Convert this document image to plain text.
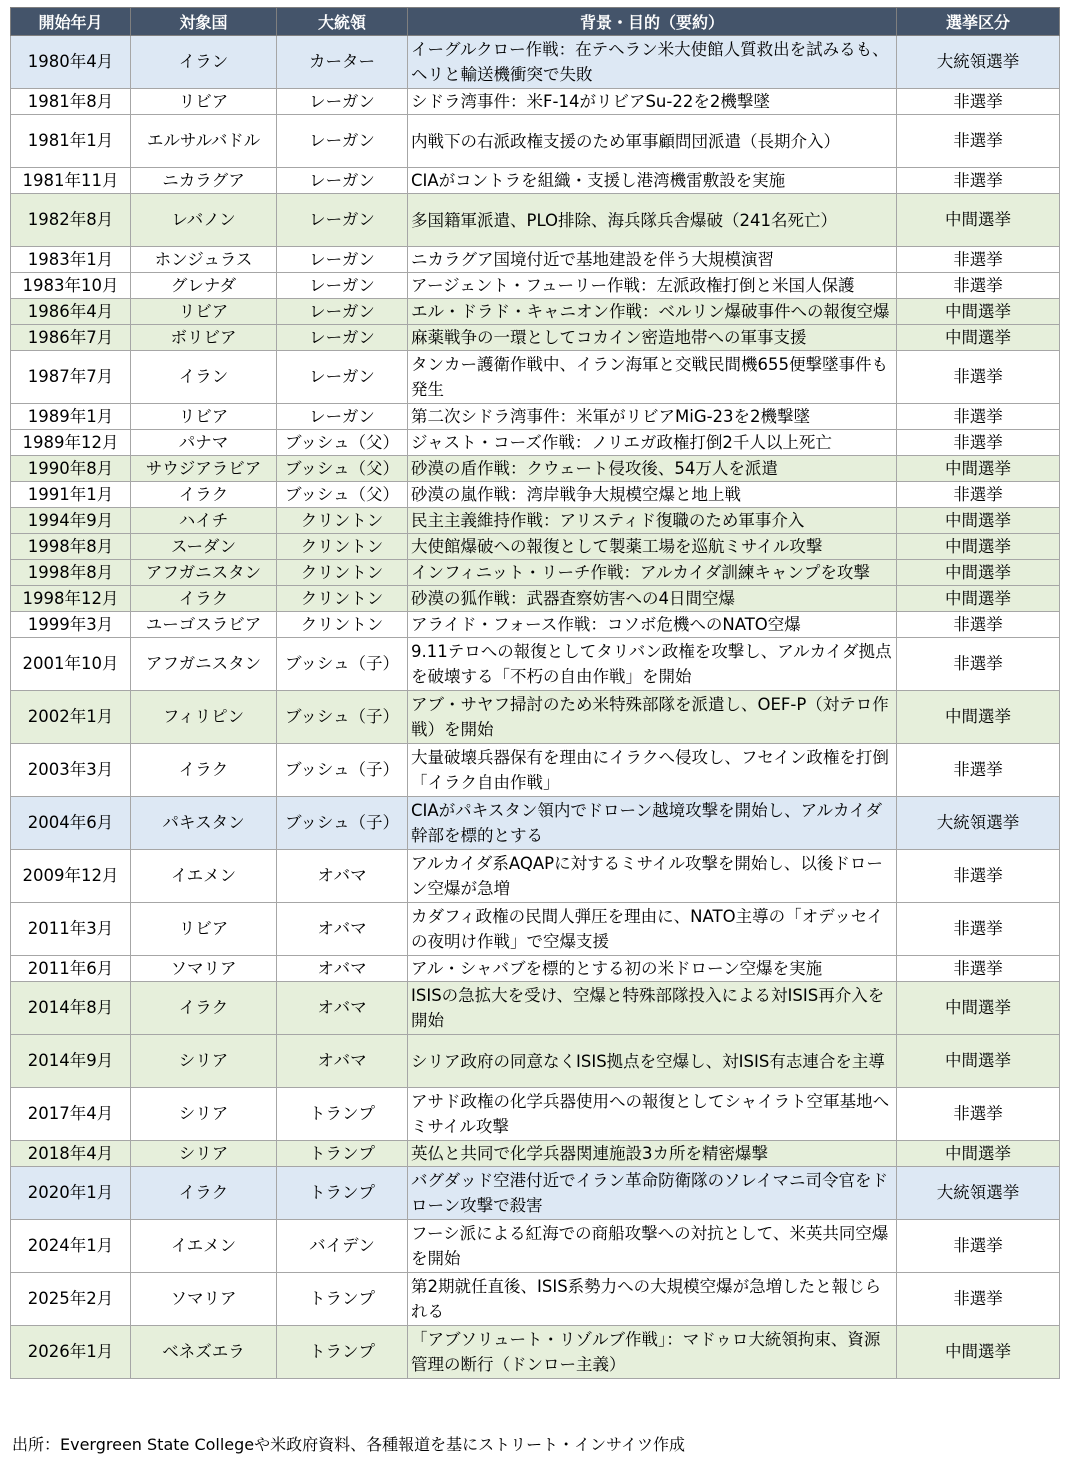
開始年月	対象国	大統領	背景・目的（要約）	選挙区分
1980年4月	イラン	カーター	イーグルクロー作戦：在テヘラン米大使館人質救出を試みるも、ヘリと輸送機衝突で失敗	大統領選挙
1981年8月	リビア	レーガン	シドラ湾事件：米F-14がリビアSu-22を2機撃墜	非選挙
1981年1月	エルサルバドル	レーガン	内戦下の右派政権支援のため軍事顧問団派遣（長期介入）	非選挙
1981年11月	ニカラグア	レーガン	CIAがコントラを組織・支援し港湾機雷敷設を実施	非選挙
1982年8月	レバノン	レーガン	多国籍軍派遣、PLO排除、海兵隊兵舎爆破（241名死亡）	中間選挙
1983年1月	ホンジュラス	レーガン	ニカラグア国境付近で基地建設を伴う大規模演習	非選挙
1983年10月	グレナダ	レーガン	アージェント・フューリー作戦：左派政権打倒と米国人保護	非選挙
1986年4月	リビア	レーガン	エル・ドラド・キャニオン作戦：ベルリン爆破事件への報復空爆	中間選挙
1986年7月	ボリビア	レーガン	麻薬戦争の一環としてコカイン密造地帯への軍事支援	中間選挙
1987年7月	イラン	レーガン	タンカー護衛作戦中、イラン海軍と交戦民間機655便撃墜事件も発生	非選挙
1989年1月	リビア	レーガン	第二次シドラ湾事件：米軍がリビアMiG-23を2機撃墜	非選挙
1989年12月	パナマ	ブッシュ（父）	ジャスト・コーズ作戦：ノリエガ政権打倒2千人以上死亡	非選挙
1990年8月	サウジアラビア	ブッシュ（父）	砂漠の盾作戦：クウェート侵攻後、54万人を派遣	中間選挙
1991年1月	イラク	ブッシュ（父）	砂漠の嵐作戦：湾岸戦争大規模空爆と地上戦	非選挙
1994年9月	ハイチ	クリントン	民主主義維持作戦：アリスティド復職のため軍事介入	中間選挙
1998年8月	スーダン	クリントン	大使館爆破への報復として製薬工場を巡航ミサイル攻撃	中間選挙
1998年8月	アフガニスタン	クリントン	インフィニット・リーチ作戦：アルカイダ訓練キャンプを攻撃	中間選挙
1998年12月	イラク	クリントン	砂漠の狐作戦：武器査察妨害への4日間空爆	中間選挙
1999年3月	ユーゴスラビア	クリントン	アライド・フォース作戦：コソボ危機へのNATO空爆	非選挙
2001年10月	アフガニスタン	ブッシュ（子）	9.11テロへの報復としてタリバン政権を攻撃し、アルカイダ拠点を破壊する「不朽の自由作戦」を開始	非選挙
2002年1月	フィリピン	ブッシュ（子）	アブ・サヤフ掃討のため米特殊部隊を派遣し、OEF-P（対テロ作戦）を開始	中間選挙
2003年3月	イラク	ブッシュ（子）	大量破壊兵器保有を理由にイラクへ侵攻し、フセイン政権を打倒「イラク自由作戦」	非選挙
2004年6月	パキスタン	ブッシュ（子）	CIAがパキスタン領内でドローン越境攻撃を開始し、アルカイダ幹部を標的とする	大統領選挙
2009年12月	イエメン	オバマ	アルカイダ系AQAPに対するミサイル攻撃を開始し、以後ドローン空爆が急増	非選挙
2011年3月	リビア	オバマ	カダフィ政権の民間人弾圧を理由に、NATO主導の「オデッセイの夜明け作戦」で空爆支援	非選挙
2011年6月	ソマリア	オバマ	アル・シャバブを標的とする初の米ドローン空爆を実施	非選挙
2014年8月	イラク	オバマ	ISISの急拡大を受け、空爆と特殊部隊投入による対ISIS再介入を開始	中間選挙
2014年9月	シリア	オバマ	シリア政府の同意なくISIS拠点を空爆し、対ISIS有志連合を主導	中間選挙
2017年4月	シリア	トランプ	アサド政権の化学兵器使用への報復としてシャイラト空軍基地へミサイル攻撃	非選挙
2018年4月	シリア	トランプ	英仏と共同で化学兵器関連施設3カ所を精密爆撃	中間選挙
2020年1月	イラク	トランプ	バグダッド空港付近でイラン革命防衛隊のソレイマニ司令官をドローン攻撃で殺害	大統領選挙
2024年1月	イエメン	バイデン	フーシ派による紅海での商船攻撃への対抗として、米英共同空爆を開始	非選挙
2025年2月	ソマリア	トランプ	第2期就任直後、ISIS系勢力への大規模空爆が急増したと報じられる	非選挙
2026年1月	ベネズエラ	トランプ	「アブソリュート・リゾルブ作戦」：マドゥロ大統領拘束、資源管理の断行（ドンロー主義）	中間選挙
出所：Evergreen State Collegeや米政府資料、各種報道を基にストリート・インサイツ作成
